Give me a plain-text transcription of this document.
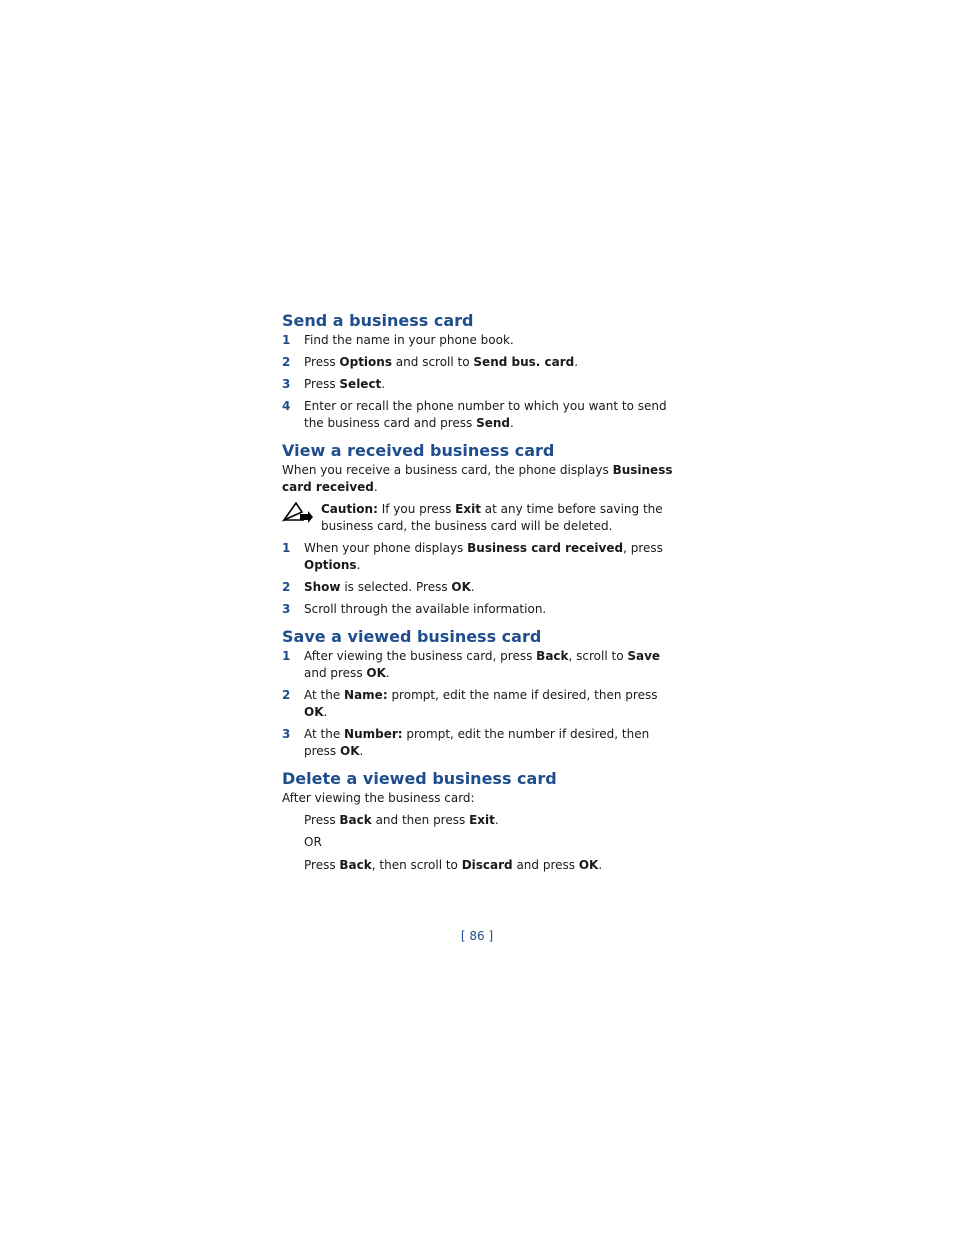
Send a business card
1 Find the name in your phone book.
2 Press Options and scroll to Send bus. card.
3 Press Select.
4 Enter or recall the phone number to which you want to send the business card and press Send.
View a received business card

When you receive a business card, the phone displays Business card received.

Caution: If you press Exit at any time before saving the business card, the business card will be deleted.

1 When your phone displays Business card received, press Options.
2 Show is selected. Press OK.
3 Scroll through the available information.
Save a viewed business card
1 After viewing the business card, press Back, scroll to Save and press OK.
2 At the Name: prompt, edit the name if desired, then press OK.
3 At the Number: prompt, edit the number if desired, then press OK.
Delete a viewed business card

After viewing the business card:

Press Back and then press Exit.

OR

Press Back, then scroll to Discard and press OK.

[ 86 ]
